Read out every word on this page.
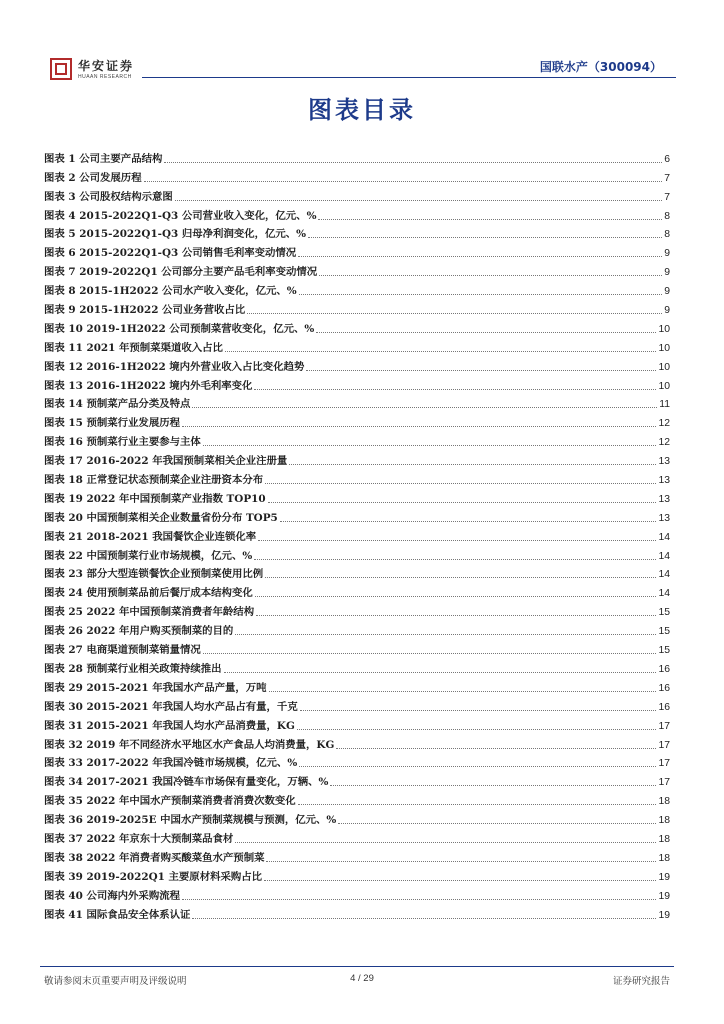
华安证券
HUAAN RESEARCH
国联水产（300094）
图表目录
图表 1 公司主要产品结构	6
图表 2 公司发展历程	7
图表 3 公司股权结构示意图	7
图表 4 2015-2022Q1-Q3 公司营业收入变化，亿元、%	8
图表 5 2015-2022Q1-Q3 归母净利润变化，亿元、%	8
图表 6 2015-2022Q1-Q3 公司销售毛利率变动情况	9
图表 7 2019-2022Q1 公司部分主要产品毛利率变动情况	9
图表 8 2015-1H2022 公司水产收入变化，亿元、%	9
图表 9 2015-1H2022 公司业务营收占比	9
图表 10 2019-1H2022 公司预制菜营收变化，亿元、%	10
图表 11 2021 年预制菜渠道收入占比	10
图表 12 2016-1H2022 境内外营业收入占比变化趋势	10
图表 13 2016-1H2022 境内外毛利率变化	10
图表 14 预制菜产品分类及特点	11
图表 15 预制菜行业发展历程	12
图表 16 预制菜行业主要参与主体	12
图表 17 2016-2022 年我国预制菜相关企业注册量	13
图表 18 正常登记状态预制菜企业注册资本分布	13
图表 19 2022 年中国预制菜产业指数 TOP10	13
图表 20 中国预制菜相关企业数量省份分布 TOP5	13
图表 21 2018-2021 我国餐饮企业连锁化率	14
图表 22 中国预制菜行业市场规模，亿元、%	14
图表 23 部分大型连锁餐饮企业预制菜使用比例	14
图表 24 使用预制菜品前后餐厅成本结构变化	14
图表 25 2022 年中国预制菜消费者年龄结构	15
图表 26 2022 年用户购买预制菜的目的	15
图表 27 电商渠道预制菜销量情况	15
图表 28 预制菜行业相关政策持续推出	16
图表 29 2015-2021 年我国水产品产量，万吨	16
图表 30 2015-2021 年我国人均水产品占有量，千克	16
图表 31 2015-2021 年我国人均水产品消费量，KG	17
图表 32 2019 年不同经济水平地区水产食品人均消费量，KG	17
图表 33 2017-2022 年我国冷链市场规模，亿元、%	17
图表 34 2017-2021 我国冷链车市场保有量变化，万辆、%	17
图表 35 2022 年中国水产预制菜消费者消费次数变化	18
图表 36 2019-2025E 中国水产预制菜规模与预测，亿元、%	18
图表 37 2022 年京东十大预制菜品食材	18
图表 38 2022 年消费者购买酸菜鱼水产预制菜	18
图表 39 2019-2022Q1 主要原材料采购占比	19
图表 40 公司海内外采购流程	19
图表 41 国际食品安全体系认证	19
敬请参阅末页重要声明及评级说明	4 / 29	证券研究报告
